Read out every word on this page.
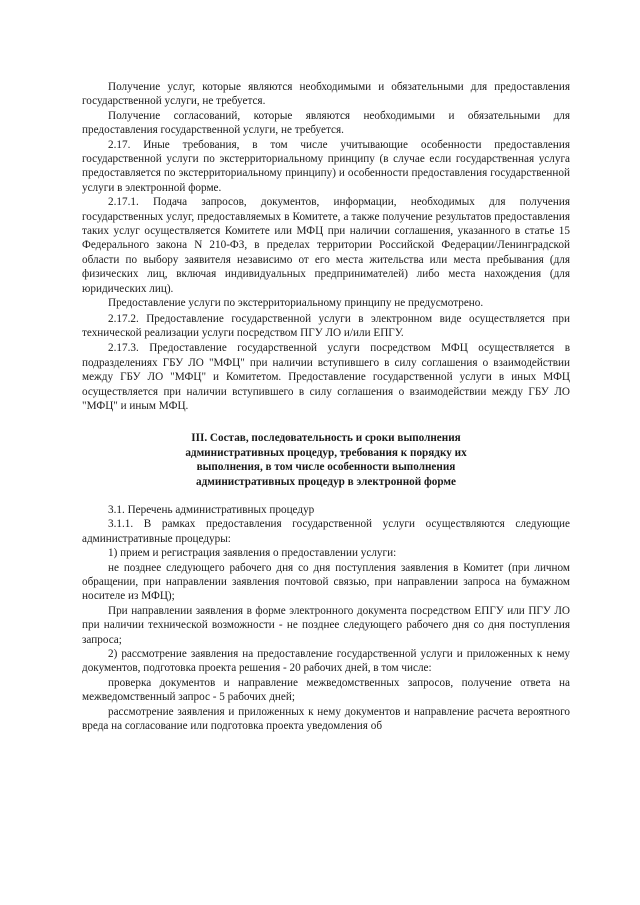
Получение услуг, которые являются необходимыми и обязательными для предоставления государственной услуги, не требуется.

Получение согласований, которые являются необходимыми и обязательными для предоставления государственной услуги, не требуется.

2.17. Иные требования, в том числе учитывающие особенности предоставления государственной услуги по экстерриториальному принципу (в случае если государственная услуга предоставляется по экстерриториальному принципу) и особенности предоставления государственной услуги в электронной форме.

2.17.1. Подача запросов, документов, информации, необходимых для получения государственных услуг, предоставляемых в Комитете, а также получение результатов предоставления таких услуг осуществляется Комитете или МФЦ при наличии соглашения, указанного в статье 15 Федерального закона N 210-ФЗ, в пределах территории Российской Федерации/Ленинградской области по выбору заявителя независимо от его места жительства или места пребывания (для физических лиц, включая индивидуальных предпринимателей) либо места нахождения (для юридических лиц).

Предоставление услуги по экстерриториальному принципу не предусмотрено.

2.17.2. Предоставление государственной услуги в электронном виде осуществляется при технической реализации услуги посредством ПГУ ЛО и/или ЕПГУ.

2.17.3. Предоставление государственной услуги посредством МФЦ осуществляется в подразделениях ГБУ ЛО "МФЦ" при наличии вступившего в силу соглашения о взаимодействии между ГБУ ЛО "МФЦ" и Комитетом. Предоставление государственной услуги в иных МФЦ осуществляется при наличии вступившего в силу соглашения о взаимодействии между ГБУ ЛО "МФЦ" и иным МФЦ.

III. Состав, последовательность и сроки выполнения
административных процедур, требования к порядку их
выполнения, в том числе особенности выполнения
административных процедур в электронной форме

3.1. Перечень административных процедур

3.1.1. В рамках предоставления государственной услуги осуществляются следующие административные процедуры:

1) прием и регистрация заявления о предоставлении услуги:

не позднее следующего рабочего дня со дня поступления заявления в Комитет (при личном обращении, при направлении заявления почтовой связью, при направлении запроса на бумажном носителе из МФЦ);

При направлении заявления в форме электронного документа посредством ЕПГУ или ПГУ ЛО при наличии технической возможности - не позднее следующего рабочего дня со дня поступления запроса;

2) рассмотрение заявления на предоставление государственной услуги и приложенных к нему документов, подготовка проекта решения - 20 рабочих дней, в том числе:

проверка документов и направление межведомственных запросов, получение ответа на межведомственный запрос - 5 рабочих дней;

рассмотрение заявления и приложенных к нему документов и направление расчета вероятного вреда на согласование или подготовка проекта уведомления об
